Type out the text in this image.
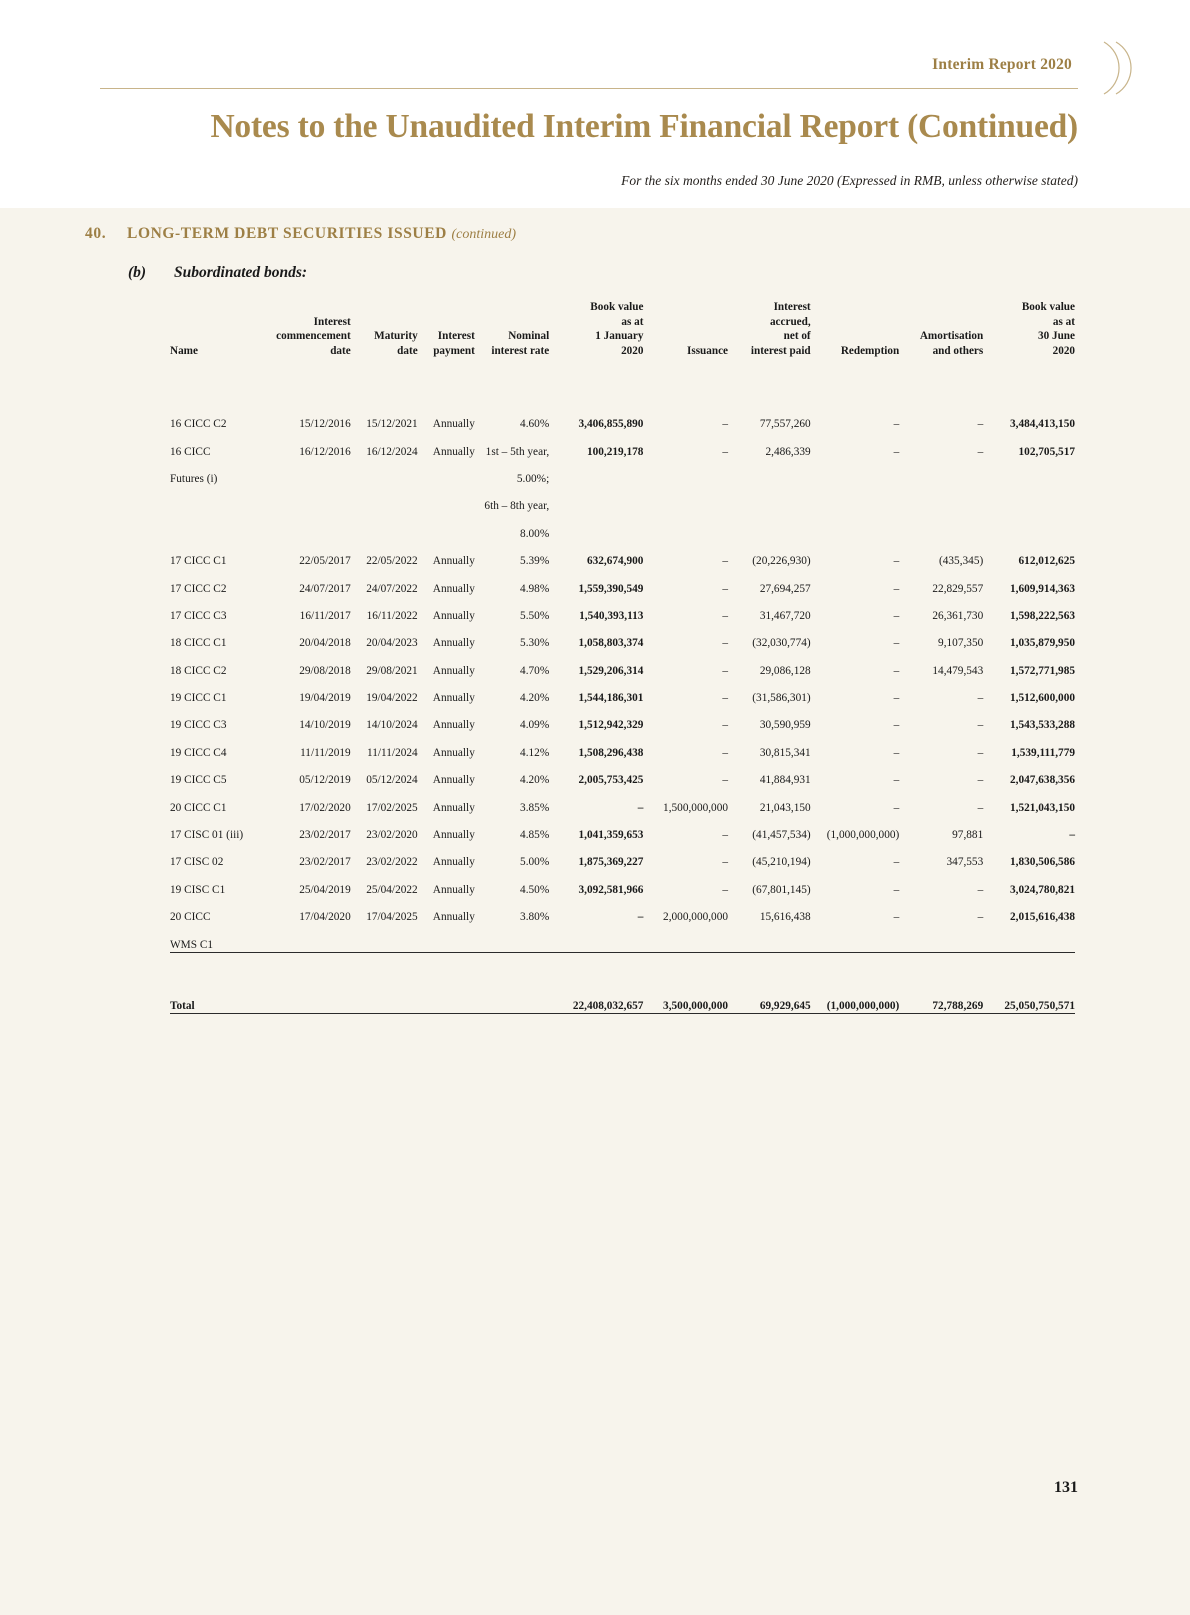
Interim Report 2020
Notes to the Unaudited Interim Financial Report (Continued)
For the six months ended 30 June 2020 (Expressed in RMB, unless otherwise stated)
40. LONG-TERM DEBT SECURITIES ISSUED (continued)
(b) Subordinated bonds:
					Book value		Interest			Book value
	Interest				as at		accrued,			as at
	commencement	Maturity	Interest	Nominal	1 January		net of		Amortisation	30 June
Name	date	date	payment	interest rate	2020	Issuance	interest paid	Redemption	and others	2020

16 CICC C2	15/12/2016	15/12/2021	Annually	4.60%	3,406,855,890	–	77,557,260	–	–	3,484,413,150
16 CICC	16/12/2016	16/12/2024	Annually	1st – 5th year,	100,219,178	–	2,486,339	–	–	102,705,517
Futures (i)				5.00%;						
				6th – 8th year,						
				8.00%						
17 CICC C1	22/05/2017	22/05/2022	Annually	5.39%	632,674,900	–	(20,226,930)	–	(435,345)	612,012,625
17 CICC C2	24/07/2017	24/07/2022	Annually	4.98%	1,559,390,549	–	27,694,257	–	22,829,557	1,609,914,363
17 CICC C3	16/11/2017	16/11/2022	Annually	5.50%	1,540,393,113	–	31,467,720	–	26,361,730	1,598,222,563
18 CICC C1	20/04/2018	20/04/2023	Annually	5.30%	1,058,803,374	–	(32,030,774)	–	9,107,350	1,035,879,950
18 CICC C2	29/08/2018	29/08/2021	Annually	4.70%	1,529,206,314	–	29,086,128	–	14,479,543	1,572,771,985
19 CICC C1	19/04/2019	19/04/2022	Annually	4.20%	1,544,186,301	–	(31,586,301)	–	–	1,512,600,000
19 CICC C3	14/10/2019	14/10/2024	Annually	4.09%	1,512,942,329	–	30,590,959	–	–	1,543,533,288
19 CICC C4	11/11/2019	11/11/2024	Annually	4.12%	1,508,296,438	–	30,815,341	–	–	1,539,111,779
19 CICC C5	05/12/2019	05/12/2024	Annually	4.20%	2,005,753,425	–	41,884,931	–	–	2,047,638,356
20 CICC C1	17/02/2020	17/02/2025	Annually	3.85%	–	1,500,000,000	21,043,150	–	–	1,521,043,150
17 CISC 01 (iii)	23/02/2017	23/02/2020	Annually	4.85%	1,041,359,653	–	(41,457,534)	(1,000,000,000)	97,881	–
17 CISC 02	23/02/2017	23/02/2022	Annually	5.00%	1,875,369,227	–	(45,210,194)	–	347,553	1,830,506,586
19 CISC C1	25/04/2019	25/04/2022	Annually	4.50%	3,092,581,966	–	(67,801,145)	–	–	3,024,780,821
20 CICC	17/04/2020	17/04/2025	Annually	3.80%	–	2,000,000,000	15,616,438	–	–	2,015,616,438
WMS C1										

Total					22,408,032,657	3,500,000,000	69,929,645	(1,000,000,000)	72,788,269	25,050,750,571

131
